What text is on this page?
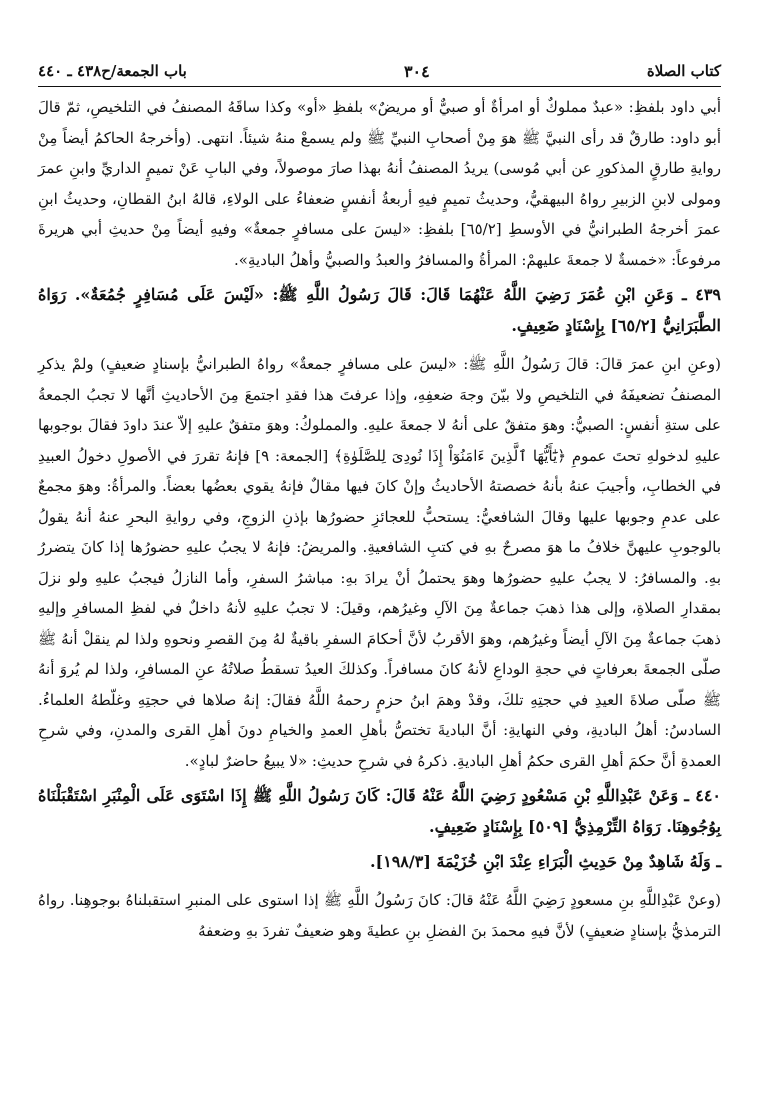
كتاب الصلاة
٣٠٤
باب الجمعة/ح٤٣٨ ـ ٤٤٠

أبي داود بلفظِ: «عبدٌ مملوكٌ أو امرأةٌ أو صبيٌّ أو مريضٌ» بلفظِ «أو» وكذا ساقَهُ المصنفُ في التلخيصِ، ثمّ قالَ أبو داود: طارقٌ قد رأى النبيَّ ﷺ هوَ مِنْ أصحابِ النبيِّ ﷺ ولم يسمعْ منهُ شيئاً. انتهى. (وأخرجهُ الحاكمُ أيضاً مِنْ روايةِ طارقٍ المذكورِ عن أبي مُوسى) يريدُ المصنفُ أنهُ بهذا صارَ موصولاً، وفي البابِ عَنْ تميمٍ الداريِّ وابنِ عمرَ ومولى لابنِ الزبيرِ رواهُ البيهقيُّ، وحديثُ تميمٍ فيهِ أربعةُ أنفسٍ ضعفاءُ على الولاءِ، قالهُ ابنُ القطانِ، وحديثُ ابنِ عمرَ أخرجهُ الطبرانيُّ في الأوسطِ [٦٥/٢] بلفظِ: «ليسَ على مسافرٍ جمعةٌ» وفيهِ أيضاً مِنْ حديثِ أبي هريرةَ مرفوعاً: «خمسةٌ لا جمعةَ عليهمْ: المرأةُ والمسافرُ والعبدُ والصبيُّ وأهلُ الباديةِ».

٤٣٩ ـ وَعَنِ ابْنِ عُمَرَ رَضِيَ اللَّهُ عَنْهُمَا قَالَ: قَالَ رَسُولُ اللَّهِ ﷺ: «لَيْسَ عَلَى مُسَافِرٍ جُمُعَةٌ». رَوَاهُ الطَّبَرَانِيُّ [٦٥/٢] بِإِسْنَادٍ ضَعِيفٍ.

(وعنِ ابنِ عمرَ قالَ: قالَ رَسُولُ اللَّهِ ﷺ: «ليسَ على مسافرٍ جمعةٌ» رواهُ الطبرانيُّ بإسنادٍ ضعيفٍ) ولمْ يذكرِ المصنفُ تضعيفَهُ في التلخيصِ ولا بيّنَ وجهَ ضعفِهِ، وإذا عرفتَ هذا فقدِ اجتمعَ مِنَ الأحاديثِ أنَّها لا تجبُ الجمعةُ على ستةِ أنفسٍ: الصبيُّ: وهوَ متفقٌ على أنهُ لا جمعةَ عليهِ. والمملوكُ: وهوَ متفقٌ عليهِ إلاّ عندَ داودَ فقالَ بوجوبها عليهِ لدخولهِ تحتَ عمومِ ﴿يَٰٓأَيُّهَا ٱلَّذِينَ ءَامَنُوٓاْ إِذَا نُودِىَ لِلصَّلَوٰةِ﴾ [الجمعة: ٩] فإنهُ تقررَ في الأصولِ دخولُ العبيدِ في الخطابِ، وأجيبَ عنهُ بأنهُ خصصتهُ الأحاديثُ وإنْ كانَ فيها مقالٌ فإنهُ يقوي بعضُها بعضاً. والمرأةُ: وهوَ مجمعٌ على عدمِ وجوبها عليها وقالَ الشافعيُّ: يستحبُّ للعجائزِ حضورُها بإذنِ الزوجِ، وفي روايةِ البحرِ عنهُ أنهُ يقولُ بالوجوبِ عليهنَّ خلافُ ما هوَ مصرحٌ بهِ في كتبِ الشافعيةِ. والمريضُ: فإنهُ لا يجبُ عليهِ حضورُها إذا كانَ يتضررُ بهِ. والمسافرُ: لا يجبُ عليهِ حضورُها وهوَ يحتملُ أنْ يرادَ بهِ: مباشرُ السفرِ، وأما النازلُ فيجبُ عليهِ ولو نزلَ بمقدارِ الصلاةِ، وإلى هذا ذهبَ جماعةٌ مِنَ الآلِ وغيرُهم، وقيلَ: لا تجبُ عليهِ لأنهُ داخلٌ في لفظِ المسافرِ وإليهِ ذهبَ جماعةٌ مِنَ الآلِ أيضاً وغيرُهم، وهوَ الأقربُ لأنَّ أحكامَ السفرِ باقيةٌ لهُ مِنَ القصرِ ونحوهِ ولذا لم ينقلْ أنهُ ﷺ صلّى الجمعةَ بعرفاتٍ في حجةِ الوداعِ لأنهُ كانَ مسافراً. وكذلكَ العيدُ تسقطُ صلاتُهُ عنِ المسافرِ، ولذا لم يُروَ أنهُ ﷺ صلّى صلاةَ العيدِ في حجتِهِ تلكَ، وقدْ وهمَ ابنُ حزمٍ رحمهُ اللَّهُ فقالَ: إنهُ صلاها في حجتِهِ وغلّطهُ العلماءُ. السادسُ: أهلُ الباديةِ، وفي النهايةِ: أنَّ الباديةَ تختصُّ بأهلِ العمدِ والخيامِ دونَ أهلِ القرى والمدنِ، وفي شرحِ العمدةِ أنَّ حكمَ أهلِ القرى حكمُ أهلِ الباديةِ. ذكرهُ في شرحِ حديثِ: «لا يبيعُ حاضرٌ لبادٍ».

٤٤٠ ـ وَعَنْ عَبْدِاللَّهِ بْنِ مَسْعُودٍ رَضِيَ اللَّهُ عَنْهُ قَالَ: كَانَ رَسُولُ اللَّهِ ﷺ إِذَا اسْتَوَى عَلَى الْمِنْبَرِ اسْتَقْبَلْنَاهُ بِوُجُوهِنَا. رَوَاهُ التِّرْمِذِيُّ [٥٠٩] بِإِسْنَادٍ ضَعِيفٍ.

ـ وَلَهُ شَاهِدٌ مِنْ حَدِيثِ الْبَرَاءِ عِنْدَ ابْنِ خُزَيْمَةَ [١٩٨/٣].

(وعنْ عَبْدِاللَّهِ بنِ مسعودٍ رَضِيَ اللَّهُ عَنْهُ قالَ: كانَ رَسُولُ اللَّهِ ﷺ إذا استوى على المنبرِ استقبلناهُ بوجوهِنا. رواهُ الترمذيُّ بإسنادٍ ضعيفٍ) لأنَّ فيهِ محمدَ بنَ الفضلِ بنِ عطيةَ وهو ضعيفٌ تفردَ بهِ وضعفهُ
